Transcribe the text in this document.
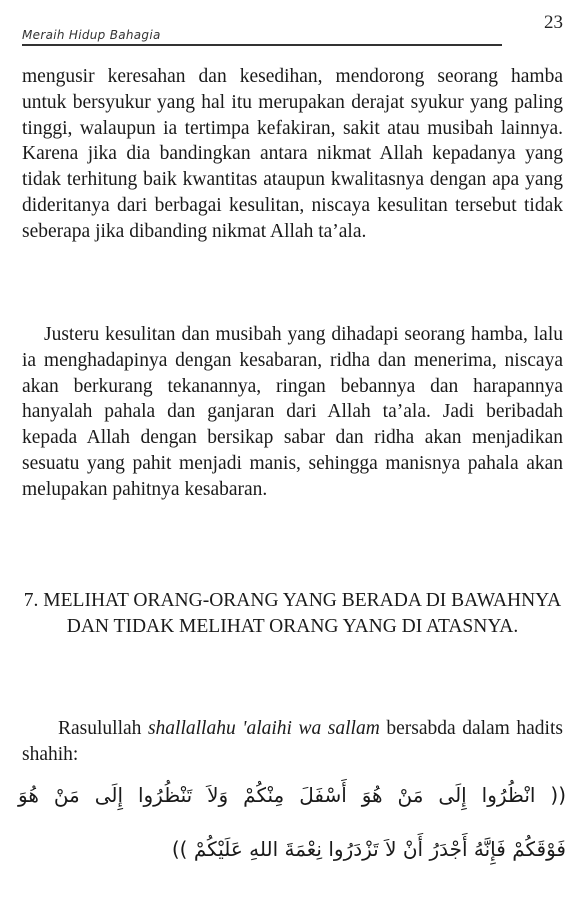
Meraih Hidup Bahagia
23

mengusir keresahan dan kesedihan, mendorong seorang hamba untuk bersyukur yang hal itu merupakan derajat syukur yang paling tinggi, walaupun ia tertimpa kefakiran, sakit atau musibah lainnya. Karena jika dia bandingkan antara nikmat Allah kepadanya yang tidak terhitung baik kwantitas ataupun kwalitasnya dengan apa yang dideritanya dari berbagai kesulitan, niscaya kesulitan tersebut tidak seberapa jika dibanding nikmat Allah ta’ala.

Justeru kesulitan dan musibah yang dihadapi seorang hamba, lalu ia menghadapinya dengan kesabaran, ridha dan menerima, niscaya akan berkurang tekanannya, ringan bebannya dan harapannya hanyalah pahala dan ganjaran dari Allah ta’ala. Jadi beribadah kepada Allah dengan bersikap sabar dan ridha akan menjadikan sesuatu yang pahit menjadi manis, sehingga manisnya pahala akan melupakan pahitnya kesabaran.

7. MELIHAT ORANG-ORANG YANG BERADA DI BAWAHNYA DAN TIDAK MELIHAT ORANG YANG DI ATASNYA.

Rasulullah shallallahu 'alaihi wa sallam bersabda dalam hadits shahih:

(( انْظُرُوا إِلَى مَنْ هُوَ أَسْفَلَ مِنْكُمْ وَلاَ تَنْظُرُوا إِلَى مَنْ هُوَ

فَوْقَكُمْ فَإِنَّهُ أَجْدَرُ أَنْ لاَ تَزْدَرُوا نِعْمَةَ اللهِ عَلَيْكُمْ ))
